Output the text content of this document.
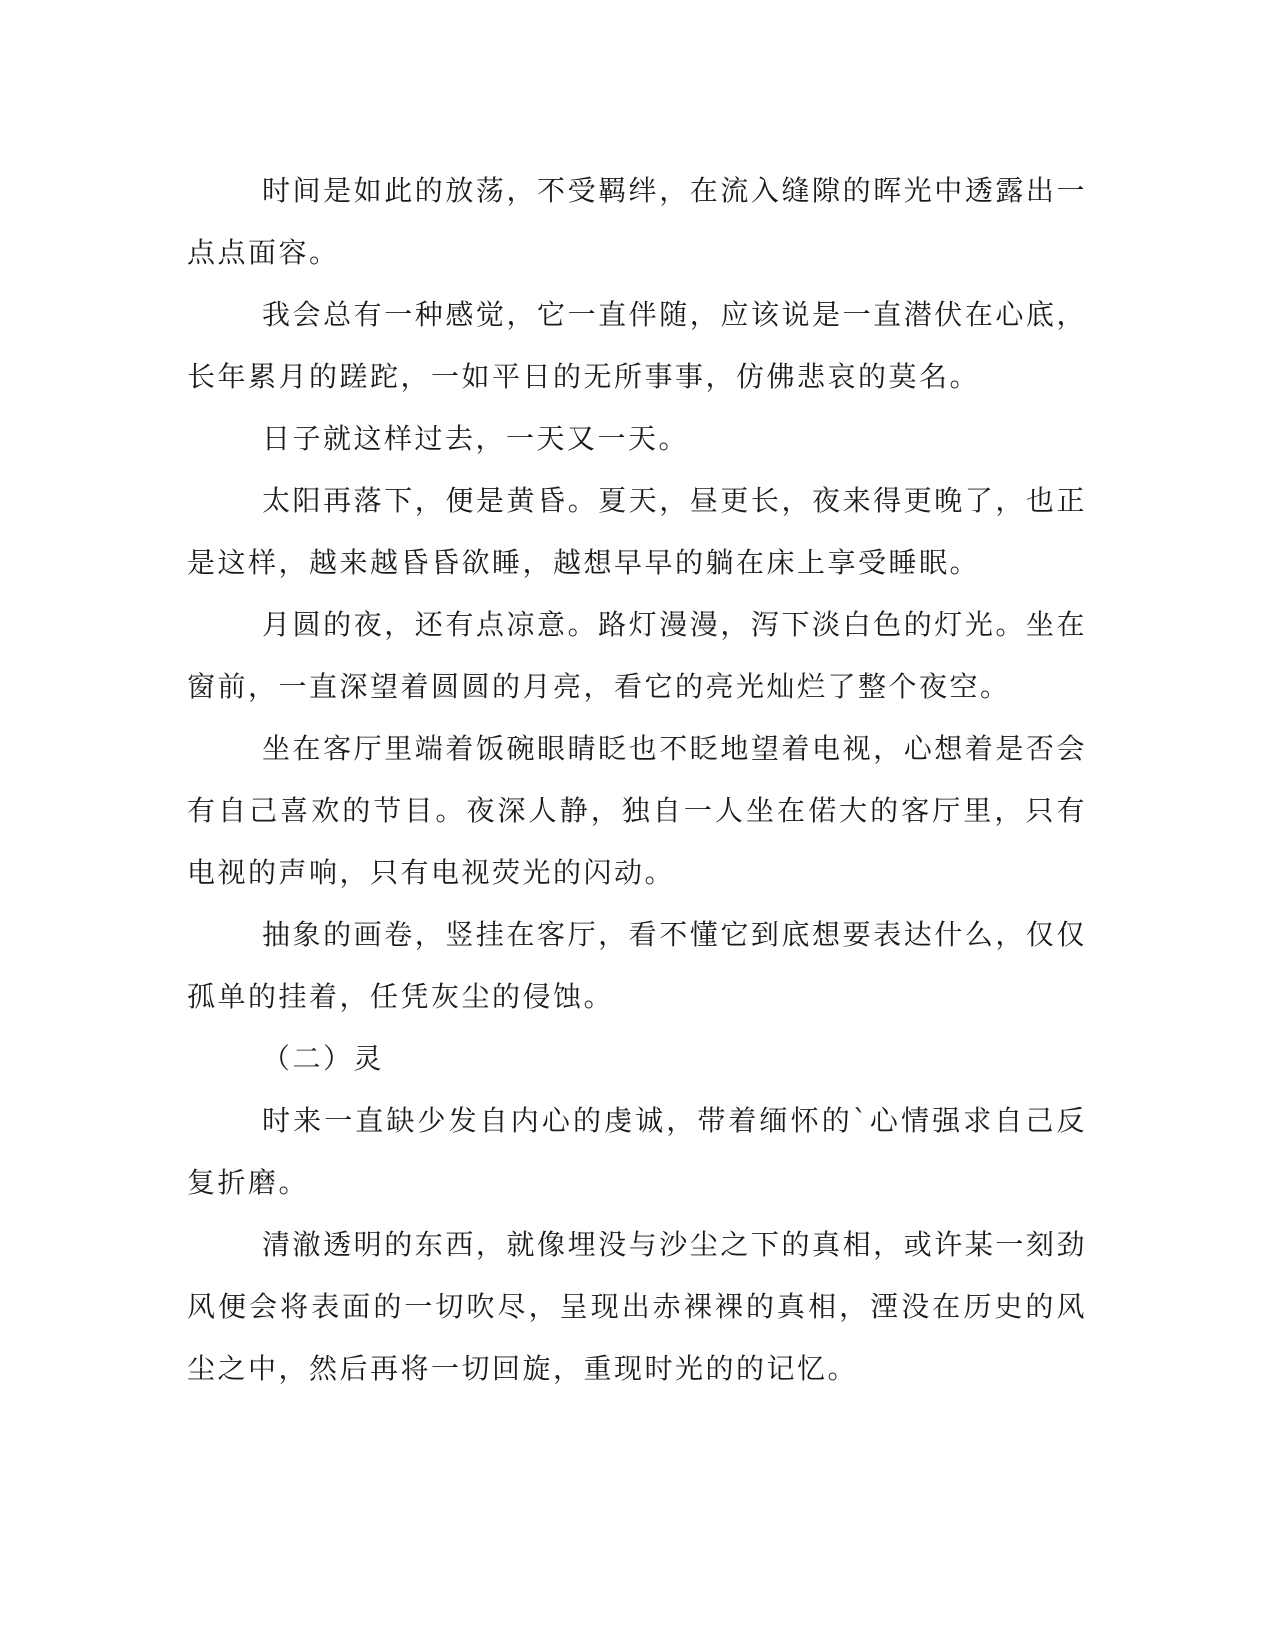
时间是如此的放荡，不受羁绊，在流入缝隙的晖光中透露出一点点面容。

我会总有一种感觉，它一直伴随，应该说是一直潜伏在心底，长年累月的蹉跎，一如平日的无所事事，仿佛悲哀的莫名。

日子就这样过去，一天又一天。

太阳再落下，便是黄昏。夏天，昼更长，夜来得更晚了，也正是这样，越来越昏昏欲睡，越想早早的躺在床上享受睡眠。

月圆的夜，还有点凉意。路灯漫漫，泻下淡白色的灯光。坐在窗前，一直深望着圆圆的月亮，看它的亮光灿烂了整个夜空。

坐在客厅里端着饭碗眼睛眨也不眨地望着电视，心想着是否会有自己喜欢的节目。夜深人静，独自一人坐在偌大的客厅里，只有电视的声响，只有电视荧光的闪动。

抽象的画卷，竖挂在客厅，看不懂它到底想要表达什么，仅仅孤单的挂着，任凭灰尘的侵蚀。

（二）灵

时来一直缺少发自内心的虔诚，带着缅怀的`心情强求自己反复折磨。

清澈透明的东西，就像埋没与沙尘之下的真相，或许某一刻劲风便会将表面的一切吹尽，呈现出赤裸裸的真相，湮没在历史的风尘之中，然后再将一切回旋，重现时光的的记忆。
